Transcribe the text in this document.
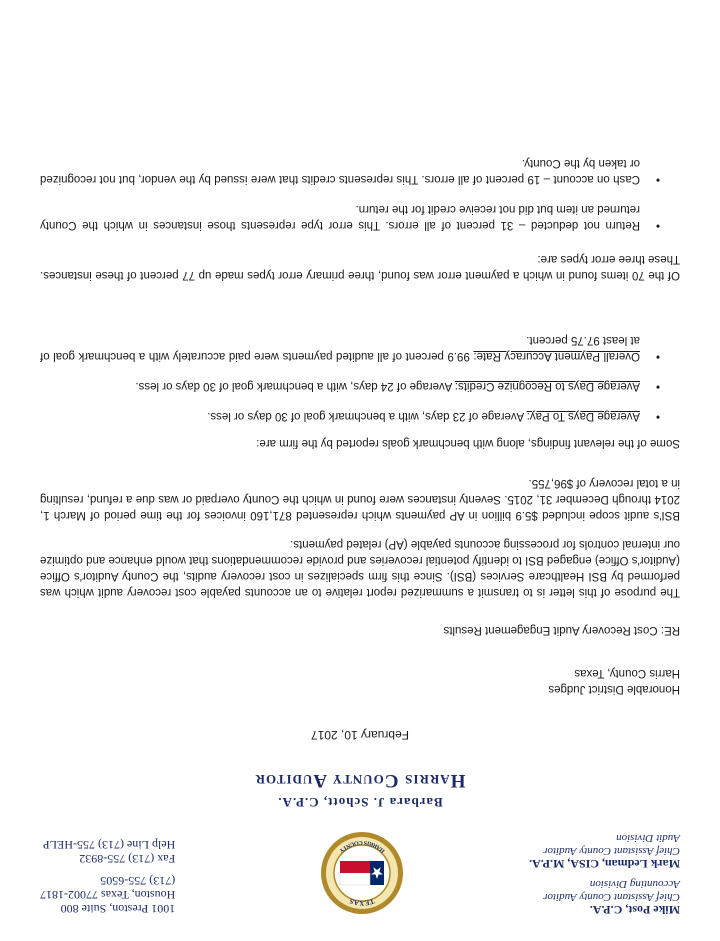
Mike Post, C.P.A.
Chief Assistant County Auditor
Accounting Division
Mark Ledman, CISA, M.P.A.
Chief Assistant County Auditor
Audit Division
TEXAS
HARRIS COUNTY
1001 Preston, Suite 800
Houston, Texas 77002-1817
(713) 755-6505
Fax (713) 755-8932
Help Line (713) 755-HELP
Barbara J. Schott, C.P.A.
Harris County Auditor
February 10, 2017
Honorable District Judges
Harris County, Texas
RE: Cost Recovery Audit Engagement Results

The purpose of this letter is to transmit a summarized report relative to an accounts payable cost recovery audit which was performed by BSI Healthcare Services (BSI). Since this firm specializes in cost recovery audits, the County Auditor's Office (Auditor's Office) engaged BSI to identify potential recoveries and provide recommendations that would enhance and optimize our internal controls for processing accounts payable (AP) related payments.

BSI's audit scope included $5.9 billion in AP payments which represented 871,160 invoices for the time period of March 1, 2014 through December 31, 2015. Seventy instances were found in which the County overpaid or was due a refund, resulting in a total recovery of $96,755.

Some of the relevant findings, along with benchmark goals reported by the firm are:

•
Average Days To Pay: Average of 23 days, with a benchmark goal of 30 days or less.
•
Average Days to Recognize Credits: Average of 24 days, with a benchmark goal of 30 days or less.
•
Overall Payment Accuracy Rate: 99.9 percent of all audited payments were paid accurately with a benchmark goal of at least 97.75 percent.

Of the 70 items found in which a payment error was found, three primary error types made up 77 percent of these instances. These three error types are:

•
Return not deducted – 31 percent of all errors. This error type represents those instances in which the County returned an item but did not receive credit for the return.
•
Cash on account – 19 percent of all errors. This represents credits that were issued by the vendor, but not recognized or taken by the County.
